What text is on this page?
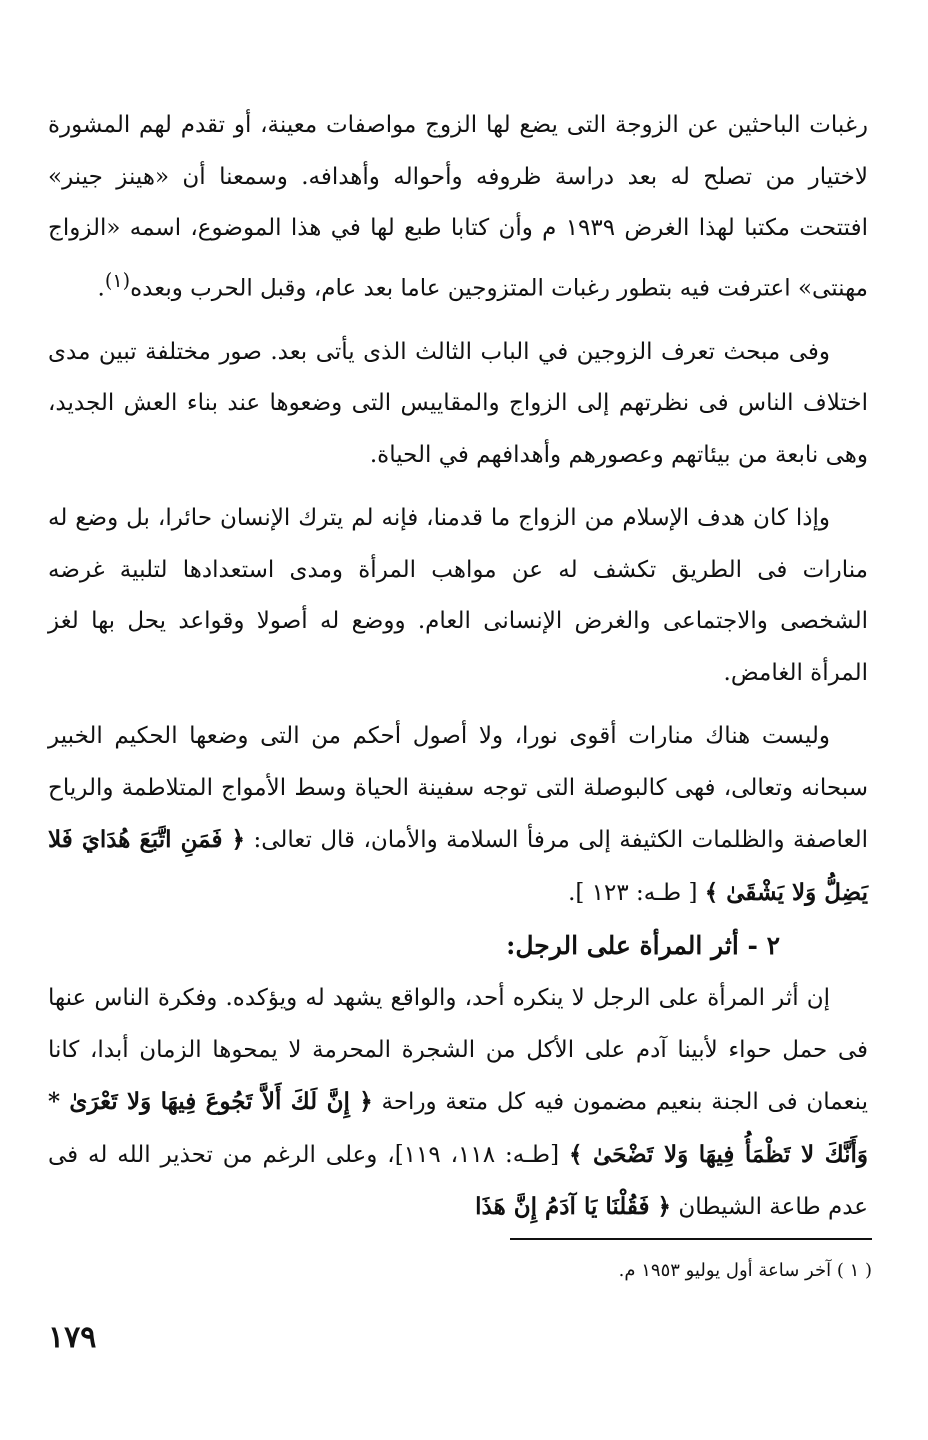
رغبات الباحثين عن الزوجة التى يضع لها الزوج مواصفات معينة، أو تقدم لهم المشورة لاختيار من تصلح له بعد دراسة ظروفه وأحواله وأهدافه. وسمعنا أن «هينز جينر» افتتحت مكتبا لهذا الغرض ١٩٣٩ م وأن كتابا طبع لها في هذا الموضوع، اسمه «الزواج مهنتى» اعترفت فيه بتطور رغبات المتزوجين عاما بعد عام، وقبل الحرب وبعده$^{(١)}$.

وفى مبحث تعرف الزوجين في الباب الثالث الذى يأتى بعد. صور مختلفة تبين مدى اختلاف الناس فى نظرتهم إلى الزواج والمقاييس التى وضعوها عند بناء العش الجديد، وهى نابعة من بيئاتهم وعصورهم وأهدافهم في الحياة.

وإذا كان هدف الإسلام من الزواج ما قدمنا، فإنه لم يترك الإنسان حائرا، بل وضع له منارات فى الطريق تكشف له عن مواهب المرأة ومدى استعدادها لتلبية غرضه الشخصى والاجتماعى والغرض الإنسانى العام. ووضع له أصولا وقواعد يحل بها لغز المرأة الغامض.

وليست هناك منارات أقوى نورا، ولا أصول أحكم من التى وضعها الحكيم الخبير سبحانه وتعالى، فهى كالبوصلة التى توجه سفينة الحياة وسط الأمواج المتلاطمة والرياح العاصفة والظلمات الكثيفة إلى مرفأ السلامة والأمان، قال تعالى: ﴿ فَمَنِ اتَّبَعَ هُدَايَ فَلا يَضِلُّ وَلا يَشْقَىٰ ﴾ [ طـه: ١٢٣ ].

٢ - أثر المرأة على الرجل:

إن أثر المرأة على الرجل لا ينكره أحد، والواقع يشهد له ويؤكده. وفكرة الناس عنها فى حمل حواء لأبينا آدم على الأكل من الشجرة المحرمة لا يمحوها الزمان أبدا، كانا ينعمان فى الجنة بنعيم مضمون فيه كل متعة وراحة ﴿ إِنَّ لَكَ أَلاَّ تَجُوعَ فِيهَا وَلا تَعْرَىٰ * وَأَنَّكَ لا تَظْمَأُ فِيهَا وَلا تَضْحَىٰ ﴾ [طـه: ١١٨، ١١٩]، وعلى الرغم من تحذير الله له فى عدم طاعة الشيطان ﴿ فَقُلْنَا يَا آدَمُ إِنَّ هَذَا

( ١ ) آخر ساعة أول يوليو ١٩٥٣ م.
١٧٩
